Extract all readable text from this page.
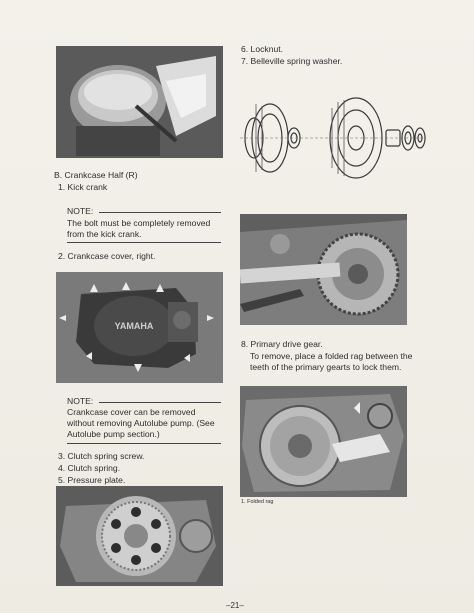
B. Crankcase Half (R)
1. Kick crank
NOTE:
The bolt must be completely removed from the kick crank.
2. Crankcase cover, right.
YAMAHA
NOTE:
Crankcase cover can be removed without removing Autolube pump. (See Autolube pump section.)
3. Clutch spring screw.
4. Clutch spring.
5. Pressure plate.
6. Locknut.
7. Belleville spring washer.
8. Primary drive gear.
To remove, place a folded rag between the teeth of the primary gearts to lock them.
1. Folded rag
–21–
